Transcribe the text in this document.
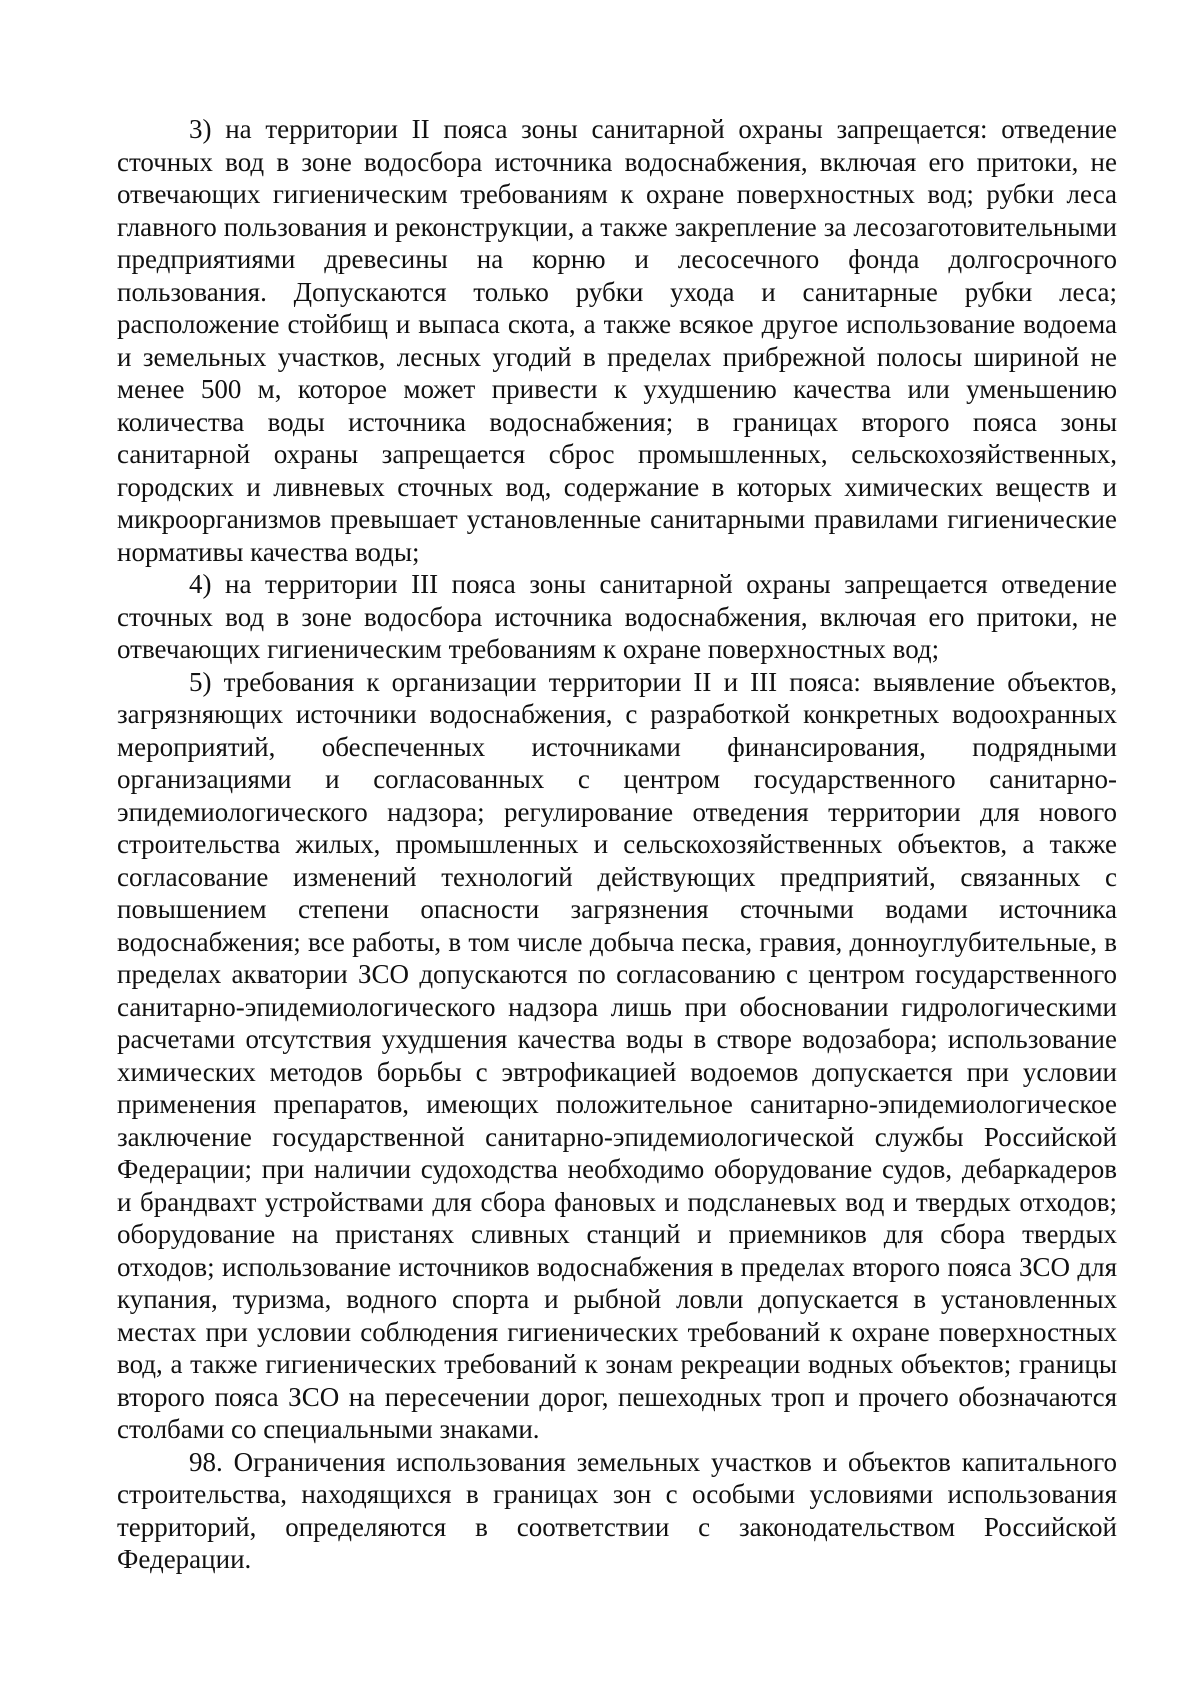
3) на территории II пояса зоны санитарной охраны запрещается: отведение сточных вод в зоне водосбора источника водоснабжения, включая его притоки, не отвечающих гигиеническим требованиям к охране поверхностных вод; рубки леса главного пользования и реконструкции, а также закрепление за лесозаготовительными предприятиями древесины на корню и лесосечного фонда долгосрочного пользования. Допускаются только рубки ухода и санитарные рубки леса; расположение стойбищ и выпаса скота, а также всякое другое использование водоема и земельных участков, лесных угодий в пределах прибрежной полосы шириной не менее 500 м, которое может привести к ухудшению качества или уменьшению количества воды источника водоснабжения; в границах второго пояса зоны санитарной охраны запрещается сброс промышленных, сельскохозяйственных, городских и ливневых сточных вод, содержание в которых химических веществ и микроорганизмов превышает установленные санитарными правилами гигиенические нормативы качества воды;

4) на территории III пояса зоны санитарной охраны запрещается отведение сточных вод в зоне водосбора источника водоснабжения, включая его притоки, не отвечающих гигиеническим требованиям к охране поверхностных вод;

5) требования к организации территории II и III пояса: выявление объектов, загрязняющих источники водоснабжения, с разработкой конкретных водоохранных мероприятий, обеспеченных источниками финансирования, подрядными организациями и согласованных с центром государственного санитарно-эпидемиологического надзора; регулирование отведения территории для нового строительства жилых, промышленных и сельскохозяйственных объектов, а также согласование изменений технологий действующих предприятий, связанных с повышением степени опасности загрязнения сточными водами источника водоснабжения; все работы, в том числе добыча песка, гравия, донноуглубительные, в пределах акватории ЗСО допускаются по согласованию с центром государственного санитарно-эпидемиологического надзора лишь при обосновании гидрологическими расчетами отсутствия ухудшения качества воды в створе водозабора; использование химических методов борьбы с эвтрофикацией водоемов допускается при условии применения препаратов, имеющих положительное санитарно-эпидемиологическое заключение государственной санитарно-эпидемиологической службы Российской Федерации; при наличии судоходства необходимо оборудование судов, дебаркадеров и брандвахт устройствами для сбора фановых и подсланевых вод и твердых отходов; оборудование на пристанях сливных станций и приемников для сбора твердых отходов; использование источников водоснабжения в пределах второго пояса ЗСО для купания, туризма, водного спорта и рыбной ловли допускается в установленных местах при условии соблюдения гигиенических требований к охране поверхностных вод, а также гигиенических требований к зонам рекреации водных объектов; границы второго пояса ЗСО на пересечении дорог, пешеходных троп и прочего обозначаются столбами со специальными знаками.

98. Ограничения использования земельных участков и объектов капитального строительства, находящихся в границах зон с особыми условиями использования территорий, определяются в соответствии с законодательством Российской Федерации.
